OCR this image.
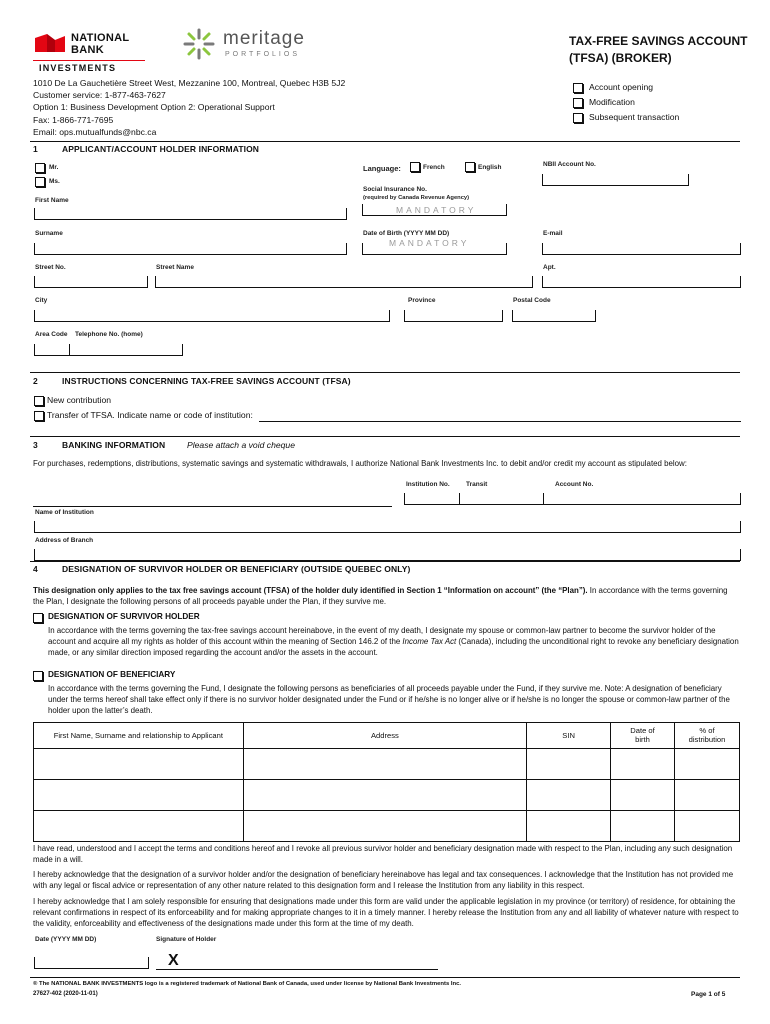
NATIONAL
BANK
INVESTMENTS
meritage
PORTFOLIOS
TAX-FREE SAVINGS ACCOUNT
(TFSA) (BROKER)
1010 De La Gauchetière Street West, Mezzanine 100, Montreal, Quebec H3B 5J2
Customer service: 1-877-463-7627
Option 1: Business Development Option 2: Operational Support
Fax: 1-866-771-7695
Email: ops.mutualfunds@nbc.ca
Account opening
Modification
Subsequent transaction
1	APPLICANT/ACCOUNT HOLDER INFORMATION
Mr.
Ms.
Language:	French	English	NBII Account No.
Social Insurance No.
(required by Canada Revenue Agency)
MANDATORY
First Name
Surname	Date of Birth (YYYY MM DD)
MANDATORY
E-mail
Street No.	Street Name	Apt.
City	Province	Postal Code
Area Code Telephone No. (home)
2	INSTRUCTIONS CONCERNING TAX-FREE SAVINGS ACCOUNT (TFSA)
New contribution
Transfer of TFSA. Indicate name or code of institution:
3	BANKING INFORMATION	Please attach a void cheque
For purchases, redemptions, distributions, systematic savings and systematic withdrawals, I authorize National Bank Investments Inc. to debit and/or credit my account as stipulated below:
Institution No.	Transit	Account No.
Name of Institution
Address of Branch
4	DESIGNATION OF SURVIVOR HOLDER OR BENEFICIARY (OUTSIDE QUEBEC ONLY)
This designation only applies to the tax free savings account (TFSA) of the holder duly identified in Section 1 “Information on account” (the “Plan”). In accordance with the terms governing the Plan, I designate the following persons of all proceeds payable under the Plan, if they survive me.
DESIGNATION OF SURVIVOR HOLDER
In accordance with the terms governing the tax-free savings account hereinabove, in the event of my death, I designate my spouse or common-law partner to become the survivor holder of the account and acquire all my rights as holder of this account within the meaning of Section 146.2 of the Income Tax Act (Canada), including the unconditional right to revoke any beneficiary designation made, or any similar direction imposed regarding the account and/or the assets in the account.
DESIGNATION OF BENEFICIARY
In accordance with the terms governing the Fund, I designate the following persons as beneficiaries of all proceeds payable under the Fund, if they survive me. Note: A designation of beneficiary under the terms hereof shall take effect only if there is no survivor holder designated under the Fund or if he/she is no longer alive or if he/she is no longer the spouse or common-law partner of the holder upon the latter’s death.
First Name, Surname and relationship to Applicant	Address	SIN	Date of birth	% of distribution

I have read, understood and I accept the terms and conditions hereof and I revoke all previous survivor holder and beneficiary designation made with respect to the Plan, including any such designation made in a will.
I hereby acknowledge that the designation of a survivor holder and/or the designation of beneficiary hereinabove has legal and tax consequences. I acknowledge that the Institution has not provided me with any legal or fiscal advice or representation of any other nature related to this designation form and I release the Institution from any liability in this respect.
I hereby acknowledge that I am solely responsible for ensuring that designations made under this form are valid under the applicable legislation in my province (or territory) of residence, for obtaining the relevant confirmations in respect of its enforceability and for making appropriate changes to it in a timely manner. I hereby release the Institution from any and all liability of whatever nature with respect to the validity, enforceability and effectiveness of the designations made under this form at the time of my death.
Date (YYYY MM DD)	Signature of Holder
X
® The NATIONAL BANK INVESTMENTS logo is a registered trademark of National Bank of Canada, used under license by National Bank Investments Inc.
27627-402 (2020-11-01)	Page 1 of 5
